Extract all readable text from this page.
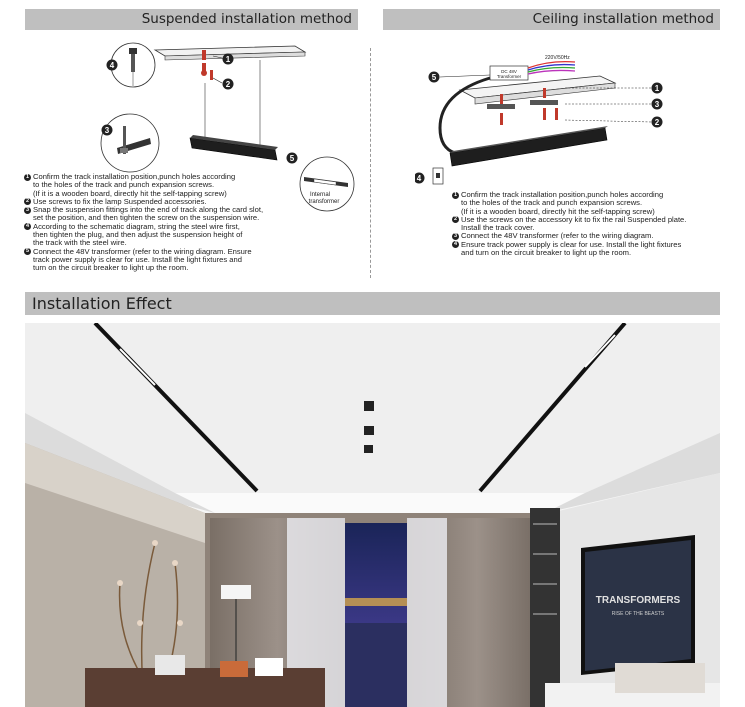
Suspended installation method	Ceiling installation method
1
2
5
4
3
Internal
transformer
DC 48V
Transformer
220V/50Hz
5
1
3
2
4
1 Confirm the track installation position,punch holes according
to the holes of the track and punch expansion screws.
(If it is a wooden board, directly hit the self-tapping screw)
2 Use screws to fix the lamp Suspended accessories.
3 Snap the suspension fittings into the end of track along the card slot,
set the position, and then tighten the screw on the suspension wire.
4 According to the schematic diagram, string the steel wire first,
then tighten the plug, and then adjust the suspension height of
the track with the steel wire.
5 Connect the 48V transformer (refer to the wiring diagram. Ensure
track power supply is clear for use. Install the light fixtures and
turn on the circuit breaker to light up the room.
1 Confirm the track installation position,punch holes according
to the holes of the track and punch expansion screws.
(If it is a wooden board, directly hit the self-tapping screw)
2 Use the screws on the accessory kit to fix the rail Suspended plate.
Install the track cover.
3 Connect the 48V transformer (refer to the wiring diagram.
4 Ensure track power supply is clear for use. Install the light fixtures
and turn on the circuit breaker to light up the room.
Installation Effect
TRANSFORMERS
RISE OF THE BEASTS
